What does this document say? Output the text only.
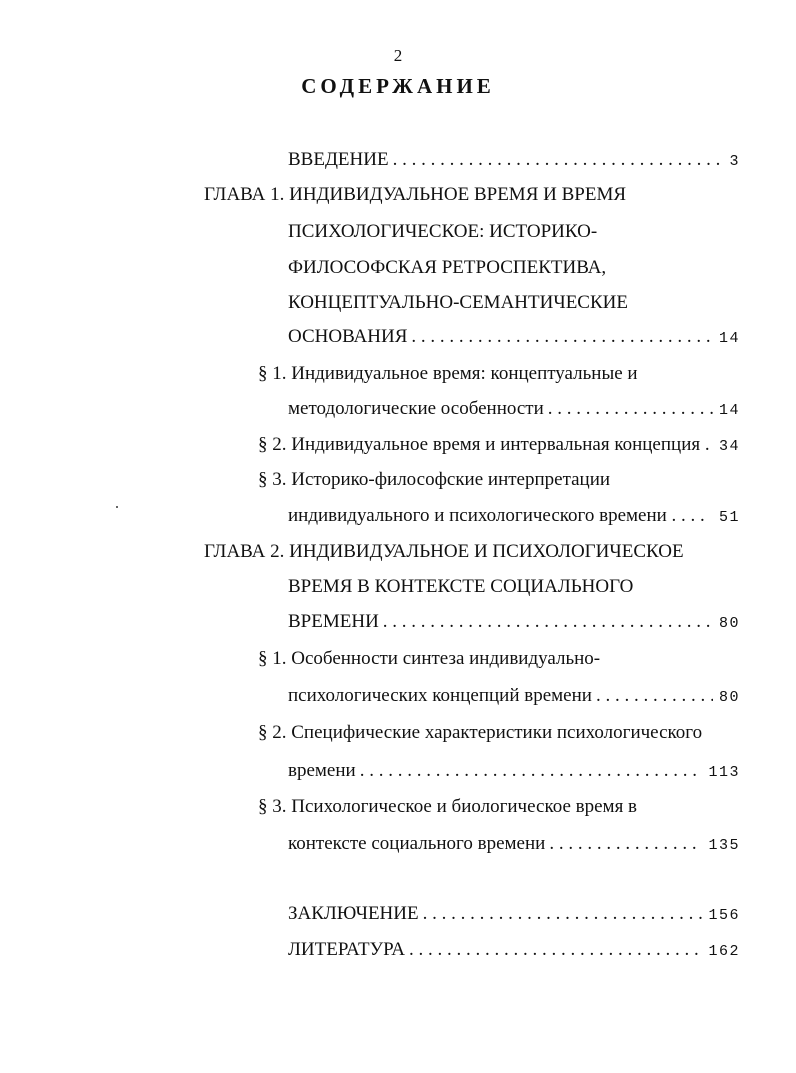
2
СОДЕРЖАНИЕ
ВВЕДЕНИЕ . . .	3
ГЛАВА 1. ИНДИВИДУАЛЬНОЕ ВРЕМЯ И ВРЕМЯ
ПСИХОЛОГИЧЕСКОЕ: ИСТОРИКО-
ФИЛОСОФСКАЯ РЕТРОСПЕКТИВА,
КОНЦЕПТУАЛЬНО-СЕМАНТИЧЕСКИЕ
ОСНОВАНИЯ . . .	14
§ 1. Индивидуальное время: концептуальные и
методологические особенности . . .	14
§ 2. Индивидуальное время и интервальная концепция . 34
§ 3. Историко-философские интерпретации
индивидуального и психологического времени . . . . 51
ГЛАВА 2. ИНДИВИДУАЛЬНОЕ И ПСИХОЛОГИЧЕСКОЕ
ВРЕМЯ В КОНТЕКСТЕ СОЦИАЛЬНОГО
ВРЕМЕНИ . . .	80
§ 1. Особенности синтеза индивидуально-
психологических концепций времени . . .	80
§ 2. Специфические характеристики психологического
времени . . .	113
§ 3. Психологическое и биологическое время в
контексте социального времени . . .	135
ЗАКЛЮЧЕНИЕ . . .	156
ЛИТЕРАТУРА . . .	162
